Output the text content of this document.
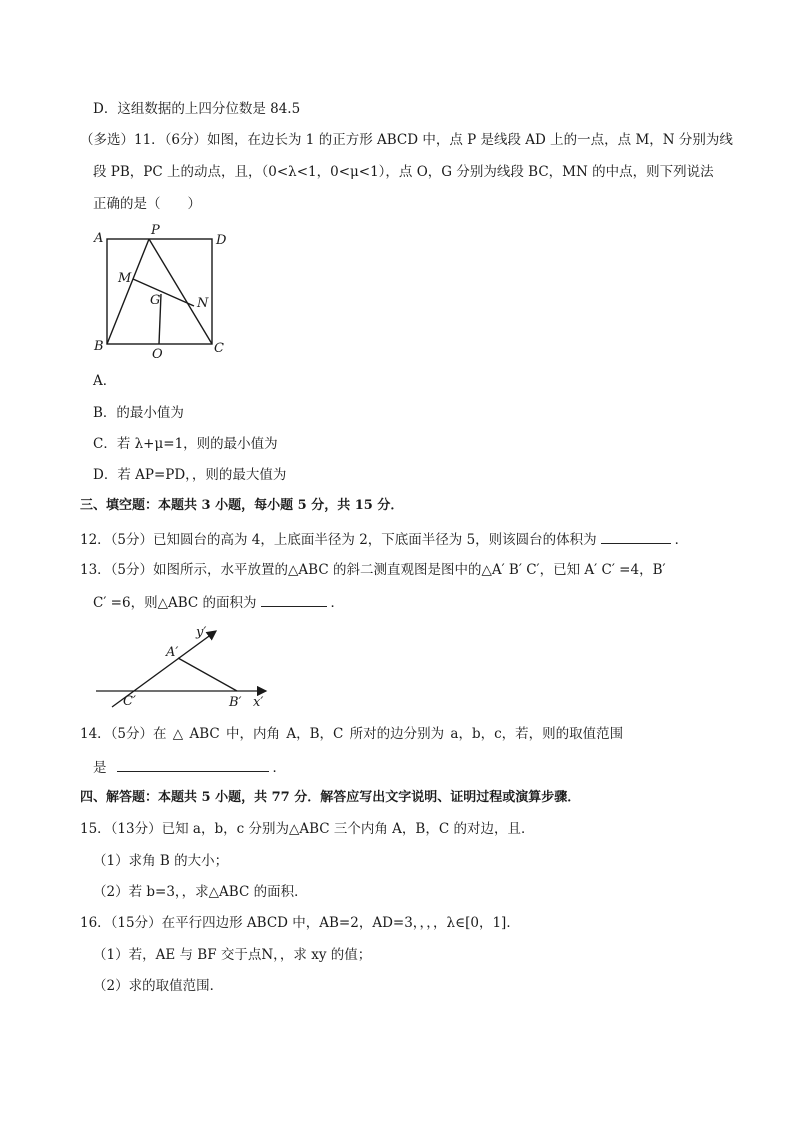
D．这组数据的上四分位数是 84.5
（多选）11．（6分）如图，在边长为 1 的正方形 ABCD 中，点 P 是线段 AD 上的一点，点 M，N 分别为线
段 PB，PC 上的动点，且，（0<λ<1，0<μ<1），点 O，G 分别为线段 BC，MN 的中点，则下列说法
正确的是（　　）
A
P
D
M
G	N
B
O	C
A．
B．的最小值为
C．若 λ+μ=1，则的最小值为
D．若 AP=PD，，则的最大值为
三、填空题：本题共 3 小题，每小题 5 分，共 15 分．
12．（5分）已知圆台的高为 4，上底面半径为 2，下底面半径为 5，则该圆台的体积为	．
13．（5分）如图所示，水平放置的△ABC 的斜二测直观图是图中的△A′ B′ C′，已知 A′ C′ =4，B′
C′ =6，则△ABC 的面积为	．
y′
A′
C′	B′ x′
14．（5分）在 △ ABC 中，内角 A，B，C 所对的边分别为 a，b，c，若，则的取值范围
是	．
四、解答题：本题共 5 小题，共 77 分．解答应写出文字说明、证明过程或演算步骤．
15．（13分）已知 a，b，c 分别为△ABC 三个内角 A，B，C 的对边，且．
（1）求角 B 的大小；
（2）若 b=3，，求△ABC 的面积．
16．（15分）在平行四边形 ABCD 中，AB=2，AD=3，，，，λ∈[0，1]．
（1）若，AE 与 BF 交于点N，，求 xy 的值；
（2）求的取值范围．
